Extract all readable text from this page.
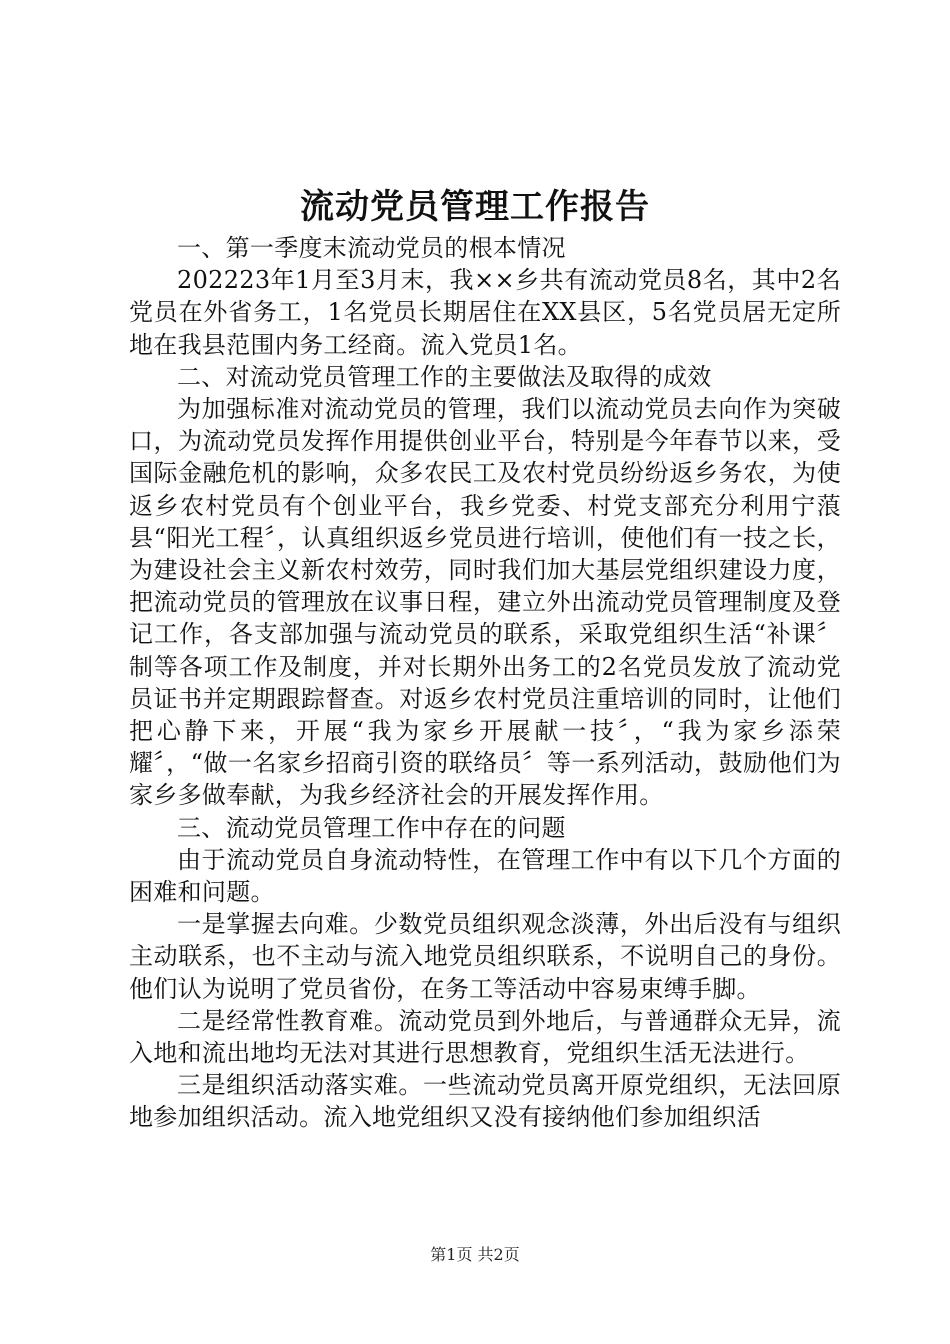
流动党员管理工作报告

一、第一季度末流动党员的根本情况

202223年1月至3月末，我××乡共有流动党员8名，其中2名党员在外省务工，1名党员长期居住在XX县区，5名党员居无定所地在我县范围内务工经商。流入党员1名。

二、对流动党员管理工作的主要做法及取得的成效

为加强标准对流动党员的管理，我们以流动党员去向作为突破口，为流动党员发挥作用提供创业平台，特别是今年春节以来，受国际金融危机的影响，众多农民工及农村党员纷纷返乡务农，为使返乡农村党员有个创业平台，我乡党委、村党支部充分利用宁蒗县“阳光工程〞，认真组织返乡党员进行培训，使他们有一技之长，为建设社会主义新农村效劳，同时我们加大基层党组织建设力度，把流动党员的管理放在议事日程，建立外出流动党员管理制度及登记工作，各支部加强与流动党员的联系，采取党组织生活“补课〞制等各项工作及制度，并对长期外出务工的2名党员发放了流动党员证书并定期跟踪督查。对返乡农村党员注重培训的同时，让他们把心静下来，开展“我为家乡开展献一技〞，“我为家乡添荣耀〞，“做一名家乡招商引资的联络员〞等一系列活动，鼓励他们为家乡多做奉献，为我乡经济社会的开展发挥作用。

三、流动党员管理工作中存在的问题

由于流动党员自身流动特性，在管理工作中有以下几个方面的困难和问题。

一是掌握去向难。少数党员组织观念淡薄，外出后没有与组织主动联系，也不主动与流入地党员组织联系，不说明自己的身份。他们认为说明了党员省份，在务工等活动中容易束缚手脚。

二是经常性教育难。流动党员到外地后，与普通群众无异，流入地和流出地均无法对其进行思想教育，党组织生活无法进行。

三是组织活动落实难。一些流动党员离开原党组织，无法回原地参加组织活动。流入地党组织又没有接纳他们参加组织活

第1页 共2页
